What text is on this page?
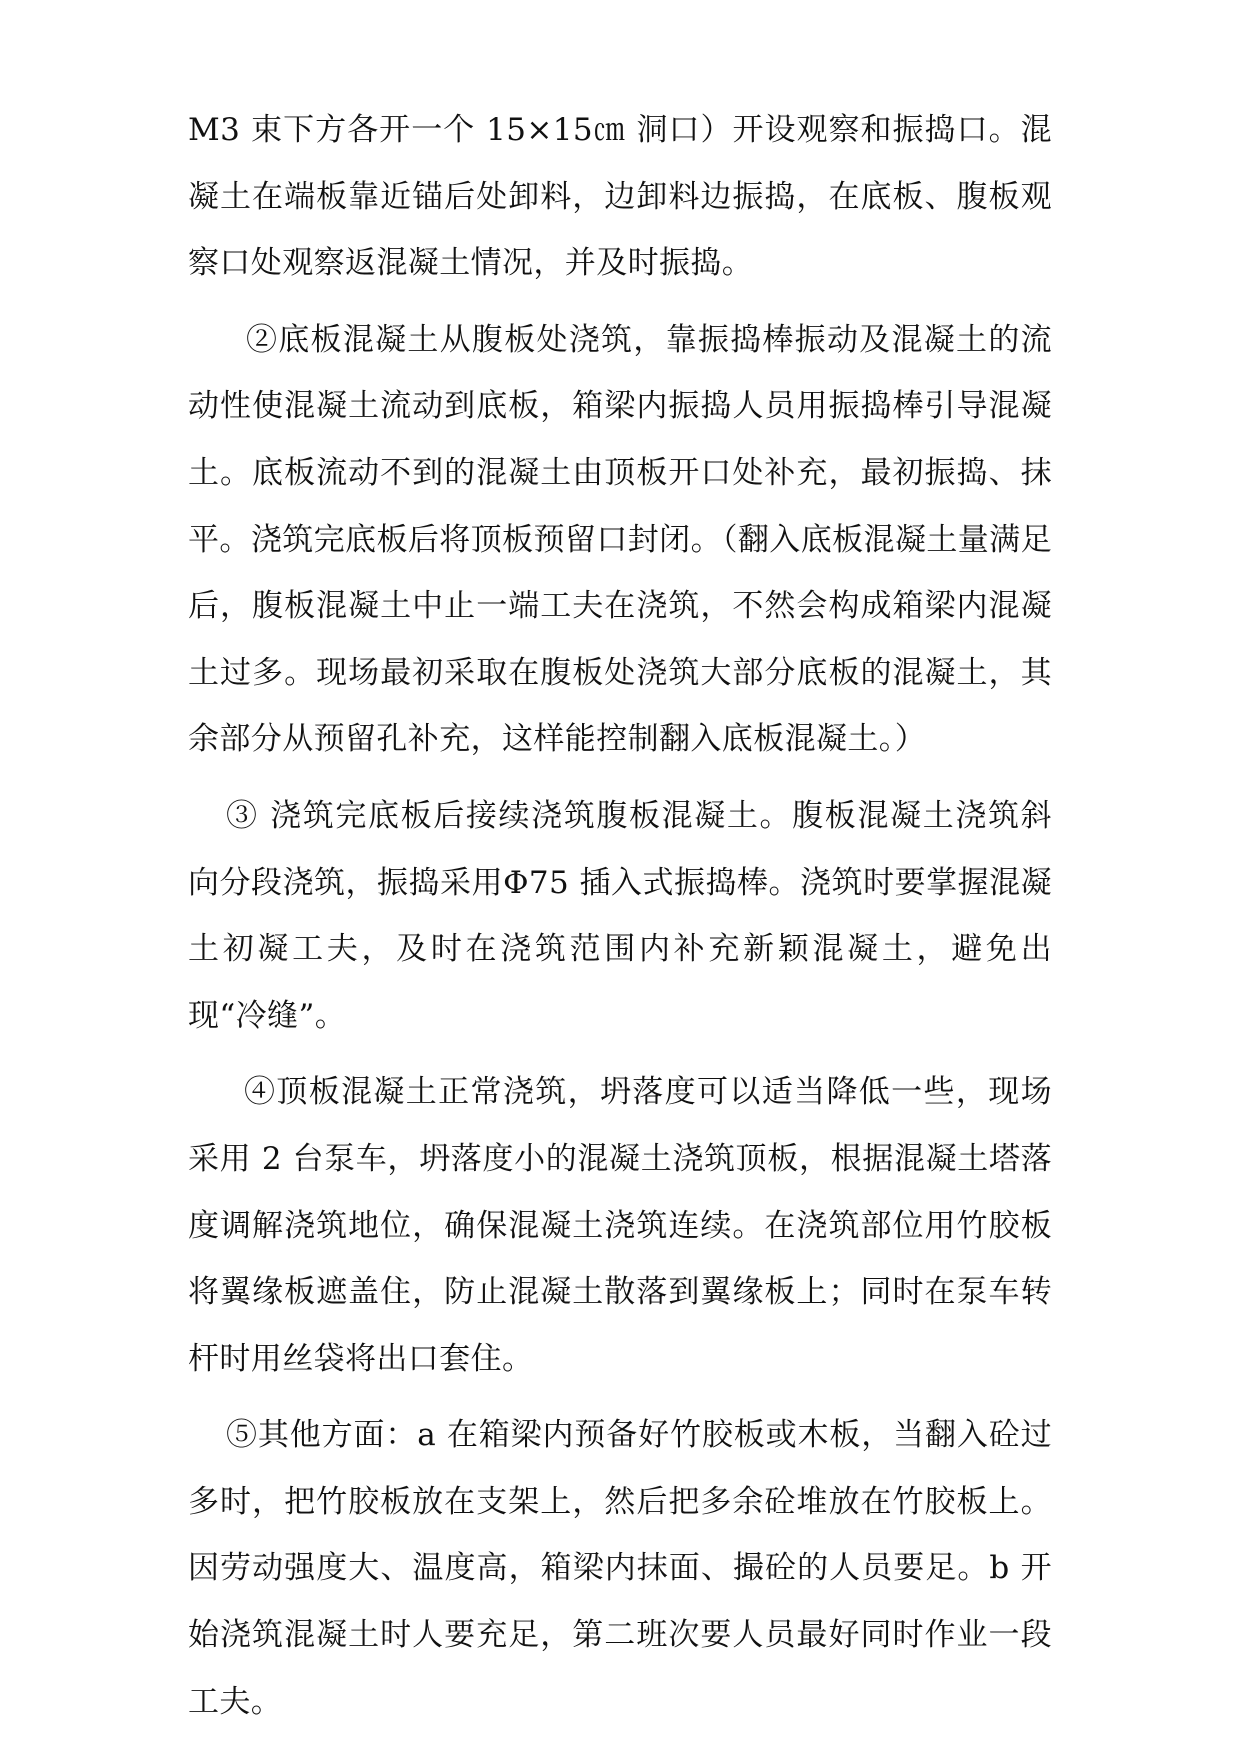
M3 束下方各开一个 15×15㎝ 洞口）开设观察和振捣口。混凝土在端板靠近锚后处卸料，边卸料边振捣，在底板、腹板观察口处观察返混凝土情况，并及时振捣。

②底板混凝土从腹板处浇筑，靠振捣棒振动及混凝土的流动性使混凝土流动到底板，箱梁内振捣人员用振捣棒引导混凝土。底板流动不到的混凝土由顶板开口处补充，最初振捣、抹平。浇筑完底板后将顶板预留口封闭。（翻入底板混凝土量满足后，腹板混凝土中止一端工夫在浇筑，不然会构成箱梁内混凝土过多。现场最初采取在腹板处浇筑大部分底板的混凝土，其余部分从预留孔补充，这样能控制翻入底板混凝土。）

③ 浇筑完底板后接续浇筑腹板混凝土。腹板混凝土浇筑斜向分段浇筑，振捣采用Φ75 插入式振捣棒。浇筑时要掌握混凝土初凝工夫，及时在浇筑范围内补充新颖混凝土，避免出现“冷缝”。

④顶板混凝土正常浇筑，坍落度可以适当降低一些，现场采用 2 台泵车，坍落度小的混凝土浇筑顶板，根据混凝土塔落度调解浇筑地位，确保混凝土浇筑连续。在浇筑部位用竹胶板将翼缘板遮盖住，防止混凝土散落到翼缘板上；同时在泵车转杆时用丝袋将出口套住。

⑤其他方面：a 在箱梁内预备好竹胶板或木板，当翻入砼过多时，把竹胶板放在支架上，然后把多余砼堆放在竹胶板上。因劳动强度大、温度高，箱梁内抹面、撮砼的人员要足。b 开始浇筑混凝土时人要充足，第二班次要人员最好同时作业一段工夫。
